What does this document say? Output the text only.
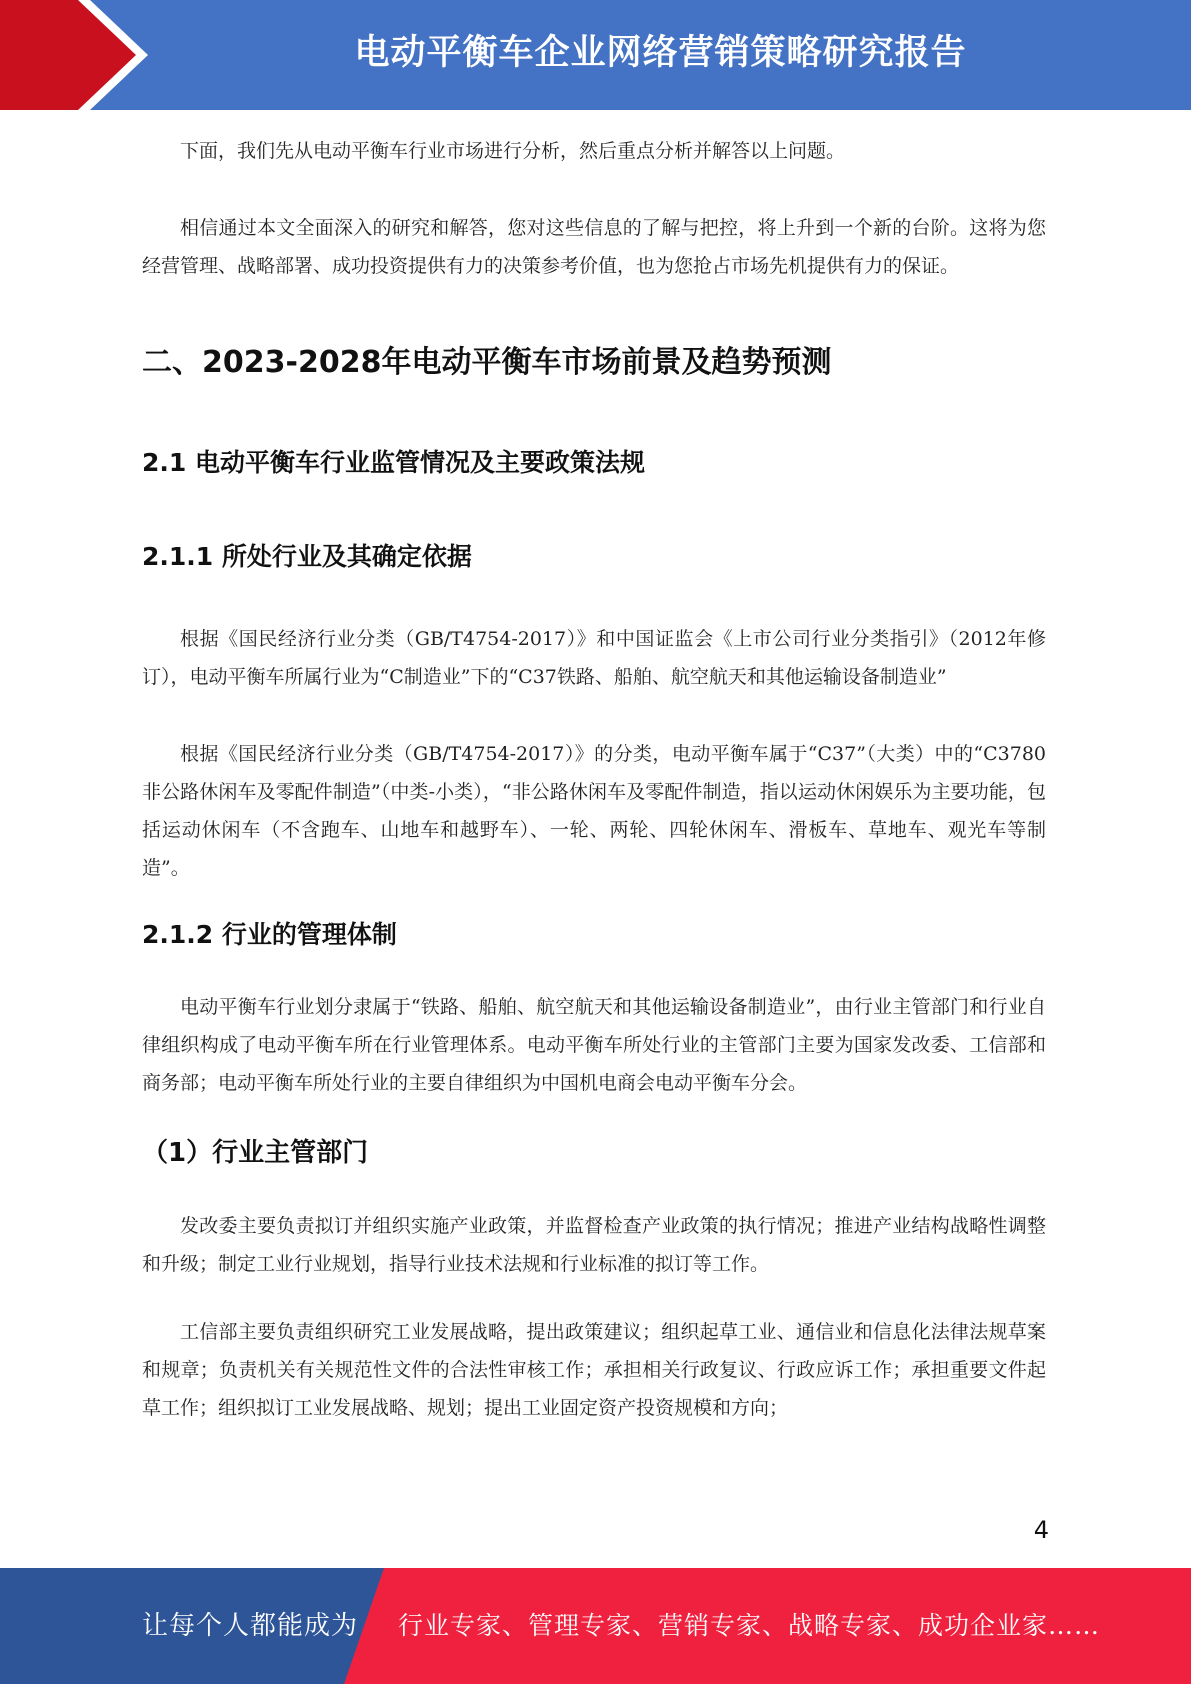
电动平衡车企业网络营销策略研究报告

下面，我们先从电动平衡车行业市场进行分析，然后重点分析并解答以上问题。

相信通过本文全面深入的研究和解答，您对这些信息的了解与把控，将上升到一个新的台阶。这将为您经营管理、战略部署、成功投资提供有力的决策参考价值，也为您抢占市场先机提供有力的保证。

二、2023-2028年电动平衡车市场前景及趋势预测
2.1 电动平衡车行业监管情况及主要政策法规
2.1.1 所处行业及其确定依据

根据《国民经济行业分类（GB/T4754-2017）》和中国证监会《上市公司行业分类指引》（2012年修订），电动平衡车所属行业为“C制造业”下的“C37铁路、船舶、航空航天和其他运输设备制造业”

根据《国民经济行业分类（GB/T4754-2017）》的分类，电动平衡车属于“C37”（大类）中的“C3780非公路休闲车及零配件制造”（中类-小类），“非公路休闲车及零配件制造，指以运动休闲娱乐为主要功能，包括运动休闲车（不含跑车、山地车和越野车）、一轮、两轮、四轮休闲车、滑板车、草地车、观光车等制造”。

2.1.2 行业的管理体制

电动平衡车行业划分隶属于“铁路、船舶、航空航天和其他运输设备制造业”，由行业主管部门和行业自律组织构成了电动平衡车所在行业管理体系。电动平衡车所处行业的主管部门主要为国家发改委、工信部和商务部；电动平衡车所处行业的主要自律组织为中国机电商会电动平衡车分会。

（1）行业主管部门

发改委主要负责拟订并组织实施产业政策，并监督检查产业政策的执行情况；推进产业结构战略性调整和升级；制定工业行业规划，指导行业技术法规和行业标准的拟订等工作。

工信部主要负责组织研究工业发展战略，提出政策建议；组织起草工业、通信业和信息化法律法规草案和规章；负责机关有关规范性文件的合法性审核工作；承担相关行政复议、行政应诉工作；承担重要文件起草工作；组织拟订工业发展战略、规划；提出工业固定资产投资规模和方向；

4
让每个人都能成为 行业专家、管理专家、营销专家、战略专家、成功企业家……
